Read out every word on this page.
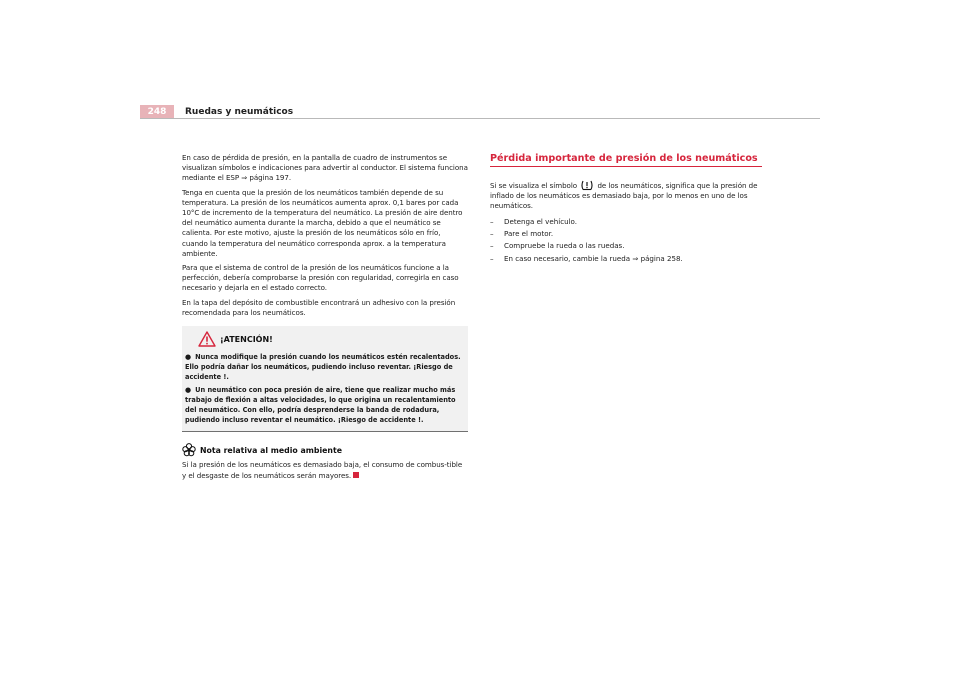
248	Ruedas y neumáticos

En caso de pérdida de presión, en la pantalla de cuadro de instrumentos se visualizan símbolos e indicaciones para advertir al conductor. El sistema funciona mediante el ESP ⇒ página 197.

Tenga en cuenta que la presión de los neumáticos también depende de su temperatura. La presión de los neumáticos aumenta aprox. 0,1 bares por cada 10°C de incremento de la temperatura del neumático. La presión de aire dentro del neumático aumenta durante la marcha, debido a que el neumático se calienta. Por este motivo, ajuste la presión de los neumáticos sólo en frío, cuando la temperatura del neumático corresponda aprox. a la temperatura ambiente.

Para que el sistema de control de la presión de los neumáticos funcione a la perfección, debería comprobarse la presión con regularidad, corregirla en caso necesario y dejarla en el estado correcto.

En la tapa del depósito de combustible encontrará un adhesivo con la presión recomendada para los neumáticos.

¡ATENCIÓN!

● Nunca modifique la presión cuando los neumáticos estén recalentados. Ello podría dañar los neumáticos, pudiendo incluso reventar. ¡Riesgo de accidente !.

● Un neumático con poca presión de aire, tiene que realizar mucho más trabajo de flexión a altas velocidades, lo que origina un recalentamiento del neumático. Con ello, podría desprenderse la banda de rodadura, pudiendo incluso reventar el neumático. ¡Riesgo de accidente !.

Nota relativa al medio ambiente

Si la presión de los neumáticos es demasiado baja, el consumo de combus-tible y el desgaste de los neumáticos serán mayores.

Pérdida importante de presión de los neumáticos

Si se visualiza el símbolo	de los neumáticos, significa que la presión de inflado de los neumáticos es demasiado baja, por lo menos en uno de los neumáticos.

– Detenga el vehículo.
– Pare el motor.
– Compruebe la rueda o las ruedas.
– En caso necesario, cambie la rueda ⇒ página 258.
